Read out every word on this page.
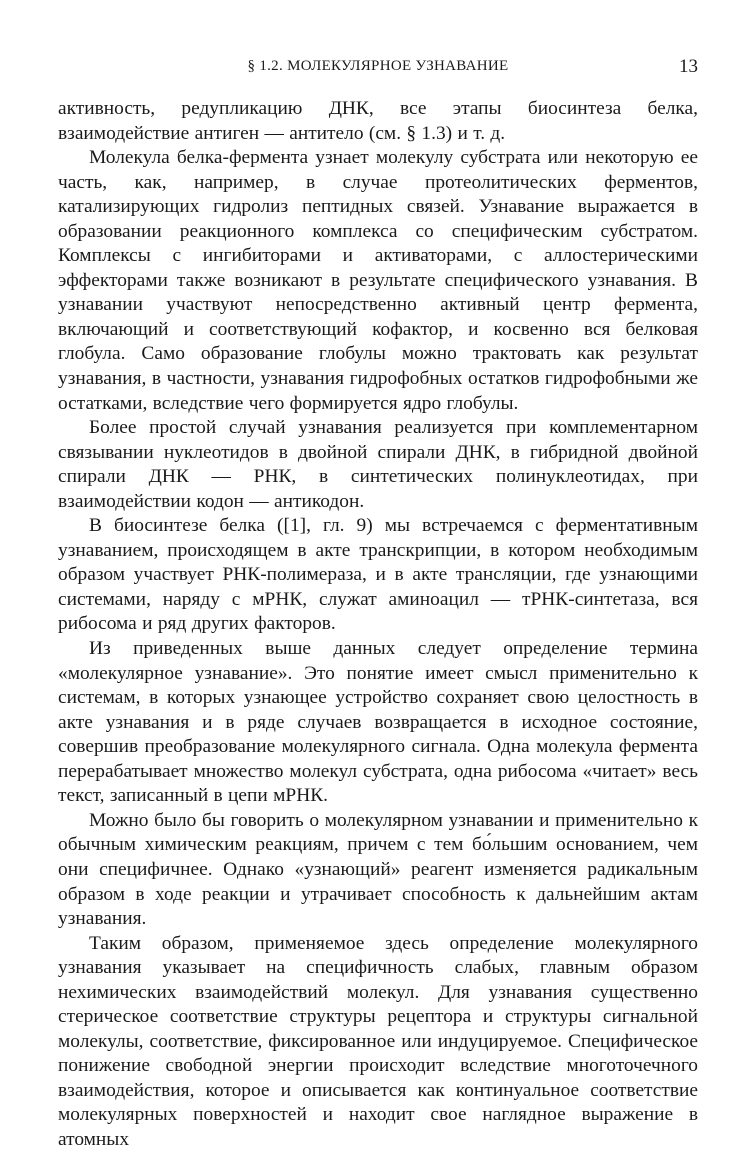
§ 1.2. МОЛЕКУЛЯРНОЕ УЗНАВАНИЕ	13

активность, редупликацию ДНК, все этапы биосинтеза белка, взаимодействие антиген — антитело (см. § 1.3) и т. д.

Молекула белка-фермента узнает молекулу субстрата или некоторую ее часть, как, например, в случае протеолитических ферментов, катализирующих гидролиз пептидных связей. Узнавание выражается в образовании реакционного комплекса со специфическим субстратом. Комплексы с ингибиторами и активаторами, с аллостерическими эффекторами также возникают в результате специфического узнавания. В узнавании участвуют непосредственно активный центр фермента, включающий и соответствующий кофактор, и косвенно вся белковая глобула. Само образование глобулы можно трактовать как результат узнавания, в частности, узнавания гидрофобных остатков гидрофобными же остатками, вследствие чего формируется ядро глобулы.

Более простой случай узнавания реализуется при комплементарном связывании нуклеотидов в двойной спирали ДНК, в гибридной двойной спирали ДНК — РНК, в синтетических полинуклеотидах, при взаимодействии кодон — антикодон.

В биосинтезе белка ([1], гл. 9) мы встречаемся с ферментативным узнаванием, происходящем в акте транскрипции, в котором необходимым образом участвует РНК-полимераза, и в акте трансляции, где узнающими системами, наряду с мРНК, служат аминоацил — тРНК-синтетаза, вся рибосома и ряд других факторов.

Из приведенных выше данных следует определение термина «молекулярное узнавание». Это понятие имеет смысл применительно к системам, в которых узнающее устройство сохраняет свою целостность в акте узнавания и в ряде случаев возвращается в исходное состояние, совершив преобразование молекулярного сигнала. Одна молекула фермента перерабатывает множество молекул субстрата, одна рибосома «читает» весь текст, записанный в цепи мРНК.

Можно было бы говорить о молекулярном узнавании и применительно к обычным химическим реакциям, причем с тем бо́льшим основанием, чем они специфичнее. Однако «узнающий» реагент изменяется радикальным образом в ходе реакции и утрачивает способность к дальнейшим актам узнавания.

Таким образом, применяемое здесь определение молекулярного узнавания указывает на специфичность слабых, главным образом нехимических взаимодействий молекул. Для узнавания существенно стерическое соответствие структуры рецептора и структуры сигнальной молекулы, соответствие, фиксированное или индуцируемое. Специфическое понижение свободной энергии происходит вследствие многоточечного взаимодействия, которое и описывается как континуальное соответствие молекулярных поверхностей и находит свое наглядное выражение в атомных
